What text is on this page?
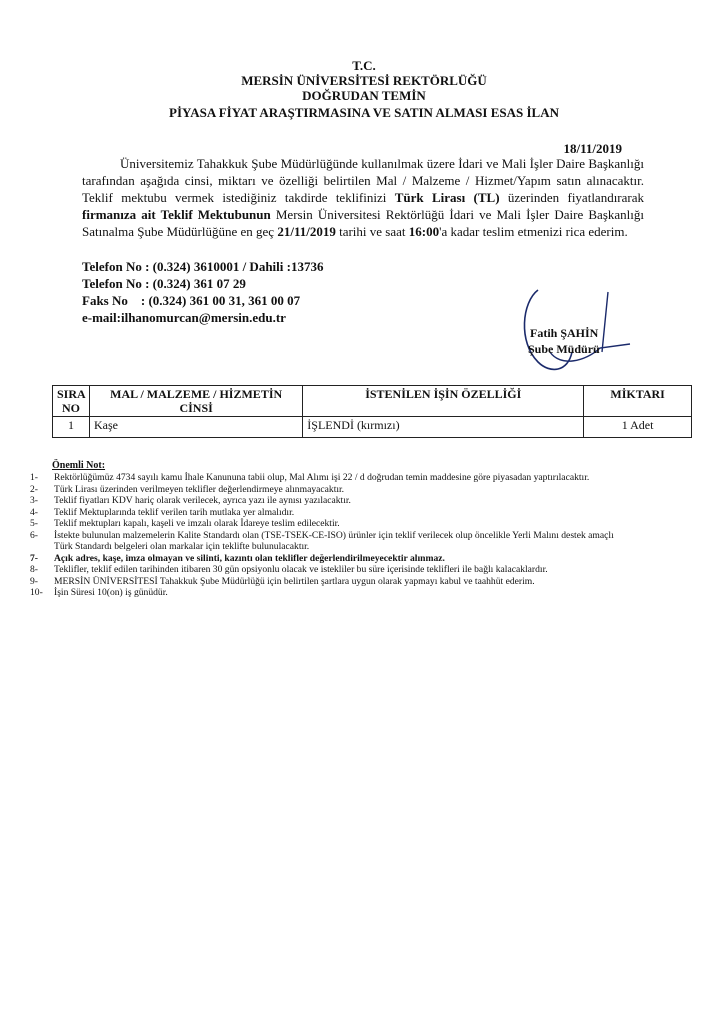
T.C.
MERSİN ÜNİVERSİTESİ REKTÖRLÜĞÜ
DOĞRUDAN TEMİN
PİYASA FİYAT ARAŞTIRMASINA VE SATIN ALMASI ESAS İLAN
18/11/2019

Üniversitemiz Tahakkuk Şube Müdürlüğünde kullanılmak üzere İdari ve Mali İşler Daire Başkanlığı tarafından aşağıda cinsi, miktarı ve özelliği belirtilen Mal / Malzeme / Hizmet/Yapım satın alınacaktır. Teklif mektubu vermek istediğiniz takdirde teklifinizi Türk Lirası (TL) üzerinden fiyatlandırarak firmanıza ait Teklif Mektubunun Mersin Üniversitesi Rektörlüğü İdari ve Mali İşler Daire Başkanlığı Satınalma Şube Müdürlüğüne en geç 21/11/2019 tarihi ve saat 16:00'a kadar teslim etmenizi rica ederim.

Telefon No : (0.324) 3610001 / Dahili :13736
Telefon No : (0.324) 361 07 29
Faks No    : (0.324) 361 00 31, 361 00 07
e-mail:ilhanomurcan@mersin.edu.tr
Fatih ŞAHİN
Şube Müdürü
SIRA NO	MAL / MALZEME / HİZMETİN CİNSİ	İSTENİLEN İŞİN ÖZELLİĞİ	MİKTARI
1	Kaşe	İŞLENDİ (kırmızı)	1 Adet
Önemli Not:
1-	Rektörlüğümüz 4734 sayılı kamu İhale Kanununa tabii olup, Mal Alımı işi 22 / d doğrudan temin maddesine göre piyasadan yaptırılacaktır.
2-	Türk Lirası üzerinden verilmeyen teklifler değerlendirmeye alınmayacaktır.
3-	Teklif fiyatları KDV hariç olarak verilecek, ayrıca yazı ile aynısı yazılacaktır.
4-	Teklif Mektuplarında teklif verilen tarih mutlaka yer almalıdır.
5-	Teklif mektupları kapalı, kaşeli ve imzalı olarak İdareye teslim edilecektir.
6-	İstekte bulunulan malzemelerin Kalite Standardı olan (TSE-TSEK-CE-ISO) ürünler için teklif verilecek olup öncelikle Yerli Malını destek amaçlı Türk Standardı belgeleri olan markalar için teklifte bulunulacaktır.
7-	Açık adres, kaşe, imza olmayan ve silinti, kazıntı olan teklifler değerlendirilmeyecektir alınmaz.
8-	Teklifler, teklif edilen tarihinden itibaren 30 gün opsiyonlu olacak ve istekliler bu süre içerisinde teklifleri ile bağlı kalacaklardır.
9-	MERSİN ÜNİVERSİTESİ Tahakkuk Şube Müdürlüğü için belirtilen şartlara uygun olarak yapmayı kabul ve taahhüt ederim.
10-	İşin Süresi 10(on) iş günüdür.
